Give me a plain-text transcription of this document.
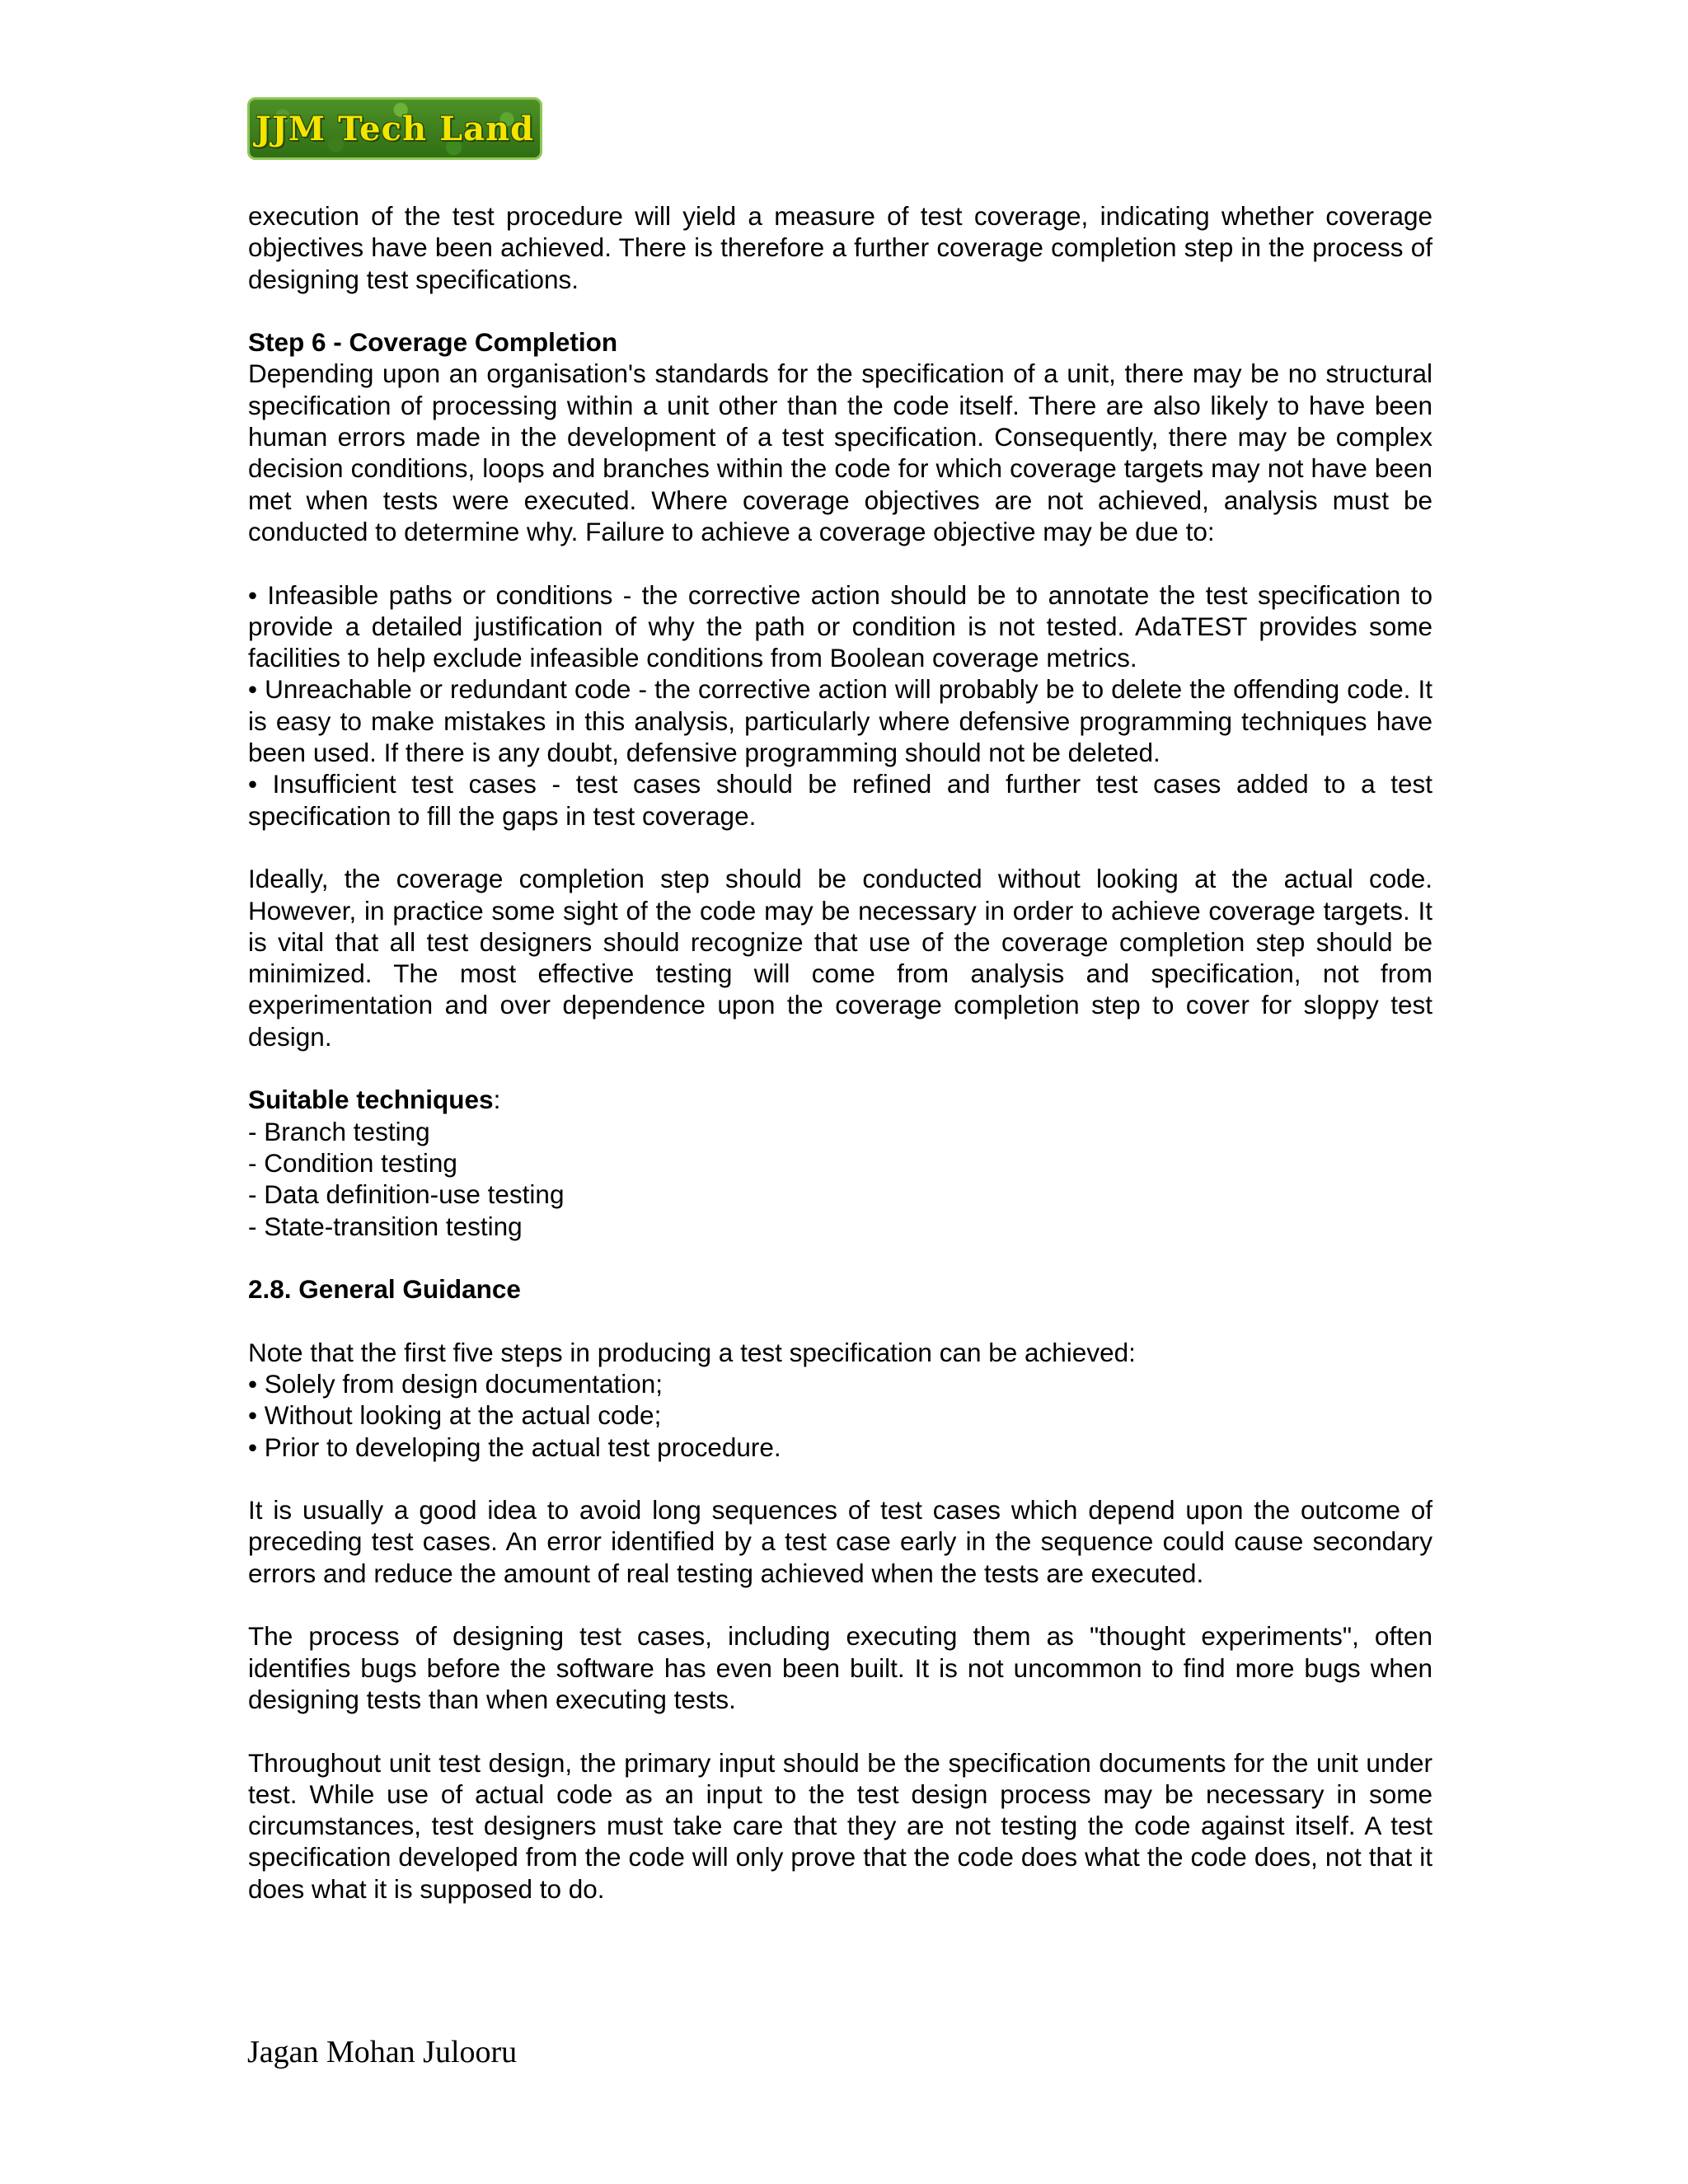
JJM Tech Land

execution of the test procedure will yield a measure of test coverage, indicating whether coverage objectives have been achieved. There is therefore a further coverage completion step in the process of designing test specifications.

Step 6 - Coverage Completion

Depending upon an organisation's standards for the specification of a unit, there may be no structural specification of processing within a unit other than the code itself. There are also likely to have been human errors made in the development of a test specification. Consequently, there may be complex decision conditions, loops and branches within the code for which coverage targets may not have been met when tests were executed. Where coverage objectives are not achieved, analysis must be conducted to determine why. Failure to achieve a coverage objective may be due to:

• Infeasible paths or conditions - the corrective action should be to annotate the test specification to provide a detailed justification of why the path or condition is not tested. AdaTEST provides some facilities to help exclude infeasible conditions from Boolean coverage metrics.

• Unreachable or redundant code - the corrective action will probably be to delete the offending code. It is easy to make mistakes in this analysis, particularly where defensive programming techniques have been used. If there is any doubt, defensive programming should not be deleted.

• Insufficient test cases - test cases should be refined and further test cases added to a test specification to fill the gaps in test coverage.

Ideally, the coverage completion step should be conducted without looking at the actual code. However, in practice some sight of the code may be necessary in order to achieve coverage targets. It is vital that all test designers should recognize that use of the coverage completion step should be minimized. The most effective testing will come from analysis and specification, not from experimentation and over dependence upon the coverage completion step to cover for sloppy test design.

Suitable techniques:

- Branch testing

- Condition testing

- Data definition-use testing

- State-transition testing

2.8. General Guidance

Note that the first five steps in producing a test specification can be achieved:

• Solely from design documentation;

• Without looking at the actual code;

• Prior to developing the actual test procedure.

It is usually a good idea to avoid long sequences of test cases which depend upon the outcome of preceding test cases. An error identified by a test case early in the sequence could cause secondary errors and reduce the amount of real testing achieved when the tests are executed.

The process of designing test cases, including executing them as "thought experiments", often identifies bugs before the software has even been built. It is not uncommon to find more bugs when designing tests than when executing tests.

Throughout unit test design, the primary input should be the specification documents for the unit under test. While use of actual code as an input to the test design process may be necessary in some circumstances, test designers must take care that they are not testing the code against itself. A test specification developed from the code will only prove that the code does what the code does, not that it does what it is supposed to do.

Jagan Mohan Julooru
